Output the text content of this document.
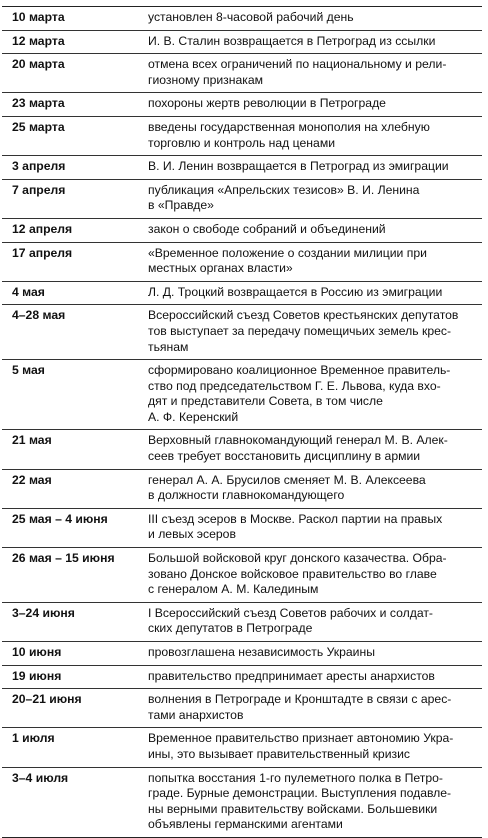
10 марта	установлен 8-часовой рабочий день
12 марта	И. В. Сталин возвращается в Петроград из ссылки
20 марта	отмена всех ограничений по национальному и рели-
гиозному признакам
23 марта	похороны жертв революции в Петрограде
25 марта	введены государственная монополия на хлебную
торговлю и контроль над ценами
3 апреля	В. И. Ленин возвращается в Петроград из эмиграции
7 апреля	публикация «Апрельских тезисов» В. И. Ленина
в «Правде»
12 апреля	закон о свободе собраний и объединений
17 апреля	«Временное положение о создании милиции при
местных органах власти»
4 мая	Л. Д. Троцкий возвращается в Россию из эмиграции
4–28 мая	Всероссийский съезд Советов крестьянских депутатов
тов выступает за передачу помещичьих земель крес-
тьянам
5 мая	сформировано коалиционное Временное правитель-
ство под председательством Г. Е. Львова, куда вхо-
дят и представители Совета, в том числе
А. Ф. Керенский
21 мая	Верховный главнокомандующий генерал М. В. Алек-
сеев требует восстановить дисциплину в армии
22 мая	генерал А. А. Брусилов сменяет М. В. Алексеева
в должности главнокомандующего
25 мая – 4 июня	III съезд эсеров в Москве. Раскол партии на правых
и левых эсеров
26 мая – 15 июня	Большой войсковой круг донского казачества. Обра-
зовано Донское войсковое правительство во главе
с генералом А. М. Калединым
3–24 июня	I Всероссийский съезд Советов рабочих и солдат-
ских депутатов в Петрограде
10 июня	провозглашена независимость Украины
19 июня	правительство предпринимает аресты анархистов
20–21 июня	волнения в Петрограде и Кронштадте в связи с арес-
тами анархистов
1 июля	Временное правительство признает автономию Укра-
ины, это вызывает правительственный кризис
3–4 июля	попытка восстания 1-го пулеметного полка в Петро-
граде. Бурные демонстрации. Выступления подавле-
ны верными правительству войсками. Большевики
объявлены германскими агентами
